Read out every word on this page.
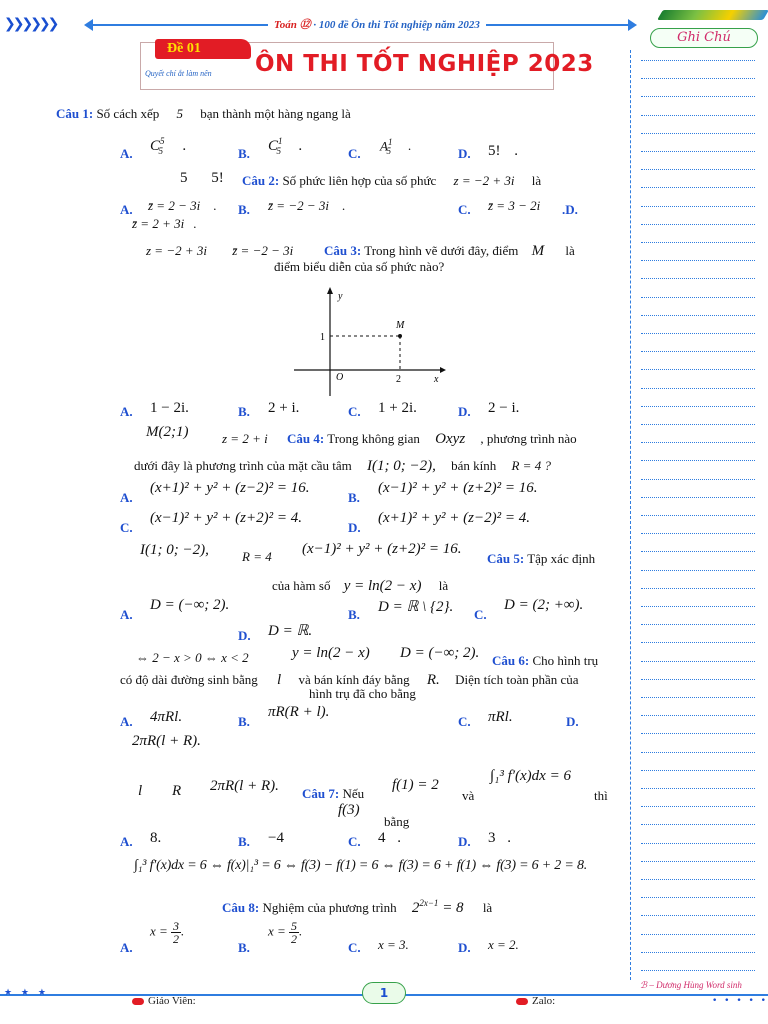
❯❯❯❯❯❯	Toán ⑫ · 100 đề Ôn thi Tốt nghiệp năm 2023
Ghi Chú
Đề 01
Quyết chí ắt làm nên ÔN THI TỐT NGHIỆP 2023
Câu 1: Số cách xếp 5 bạn thành một hàng ngang là
A. $C^5_5$ .	B. $C^1_5$ .	C.
$A^1_5$ .
D. 5! .
5 5! Câu 2: Số phức liên hợp của số phức z = −2 + 3i là
A. z̄ = 2 − 3i . B. z̄ = −2 − 3i .	C. z̄ = 3 − 2i .D.
z̄ = 2 + 3i .
z = −2 + 3i z̄ = −2 − 3i Câu 3: Trong hình vẽ dưới đây, điểm M là
điểm biểu diễn của số phức nào?
y
x
O
M
1
2
A. 1 − 2i.	B. 2 + i.	C. 1 + 2i.	D. 2 − i.
M(2;1)	z = 2 + i Câu 4: Trong không gian Oxyz , phương trình nào
dưới đây là phương trình của mặt cầu tâm I(1; 0; −2), bán kính R = 4 ?
A.
(x+1)² + y² + (z−2)² = 16.
B.
(x−1)² + y² + (z+2)² = 16.
C.
(x−1)² + y² + (z+2)² = 4.
D.
(x+1)² + y² + (z−2)² = 4.
I(1; 0; −2),	R = 4 (x−1)² + y² + (z+2)² = 16.
Câu 5: Tập xác định
của hàm số y = ln(2 − x) là
A.
D = (−∞; 2).
B. D = ℝ \ {2}. C.
D = (2; +∞).
D. D = ℝ.
⇔ 2 − x > 0 ⇔ x < 2	y = ln(2 − x) D = (−∞; 2). Câu 6: Cho hình trụ
có độ dài đường sinh bằng l và bán kính đáy bằng R. Diện tích toàn phần của
hình trụ đã cho bằng
A. 4πRl.	B.
πR(R + l).
C. πRl.	D.
2πR(l + R).
l R 2πR(l + R). Câu 7: Nếu
f(1) = 2
và
∫₁³ f′(x)dx = 6
thì
f(3)
bằng
A. 8.	B. −4	C. 4 .	D. 3 .
∫₁³ f′(x)dx = 6 ⇔ f(x)|₁³ = 6 ⇔ f(3) − f(1) = 6 ⇔ f(3) = 6 + f(1) ⇔ f(3) = 6 + 2 = 8.
Câu 8: Nghiệm của phương trình $2^{2x-1} = 8$ là
A.
$x = \frac{3}{2}$ .
B.
$x = \frac{5}{2}$ .
C. x = 3.	D. x = 2.
★ ★ ★	1
ℬ – Dương Hùng Word sinh
Giáo Viên:	Zalo:	• • • • •
